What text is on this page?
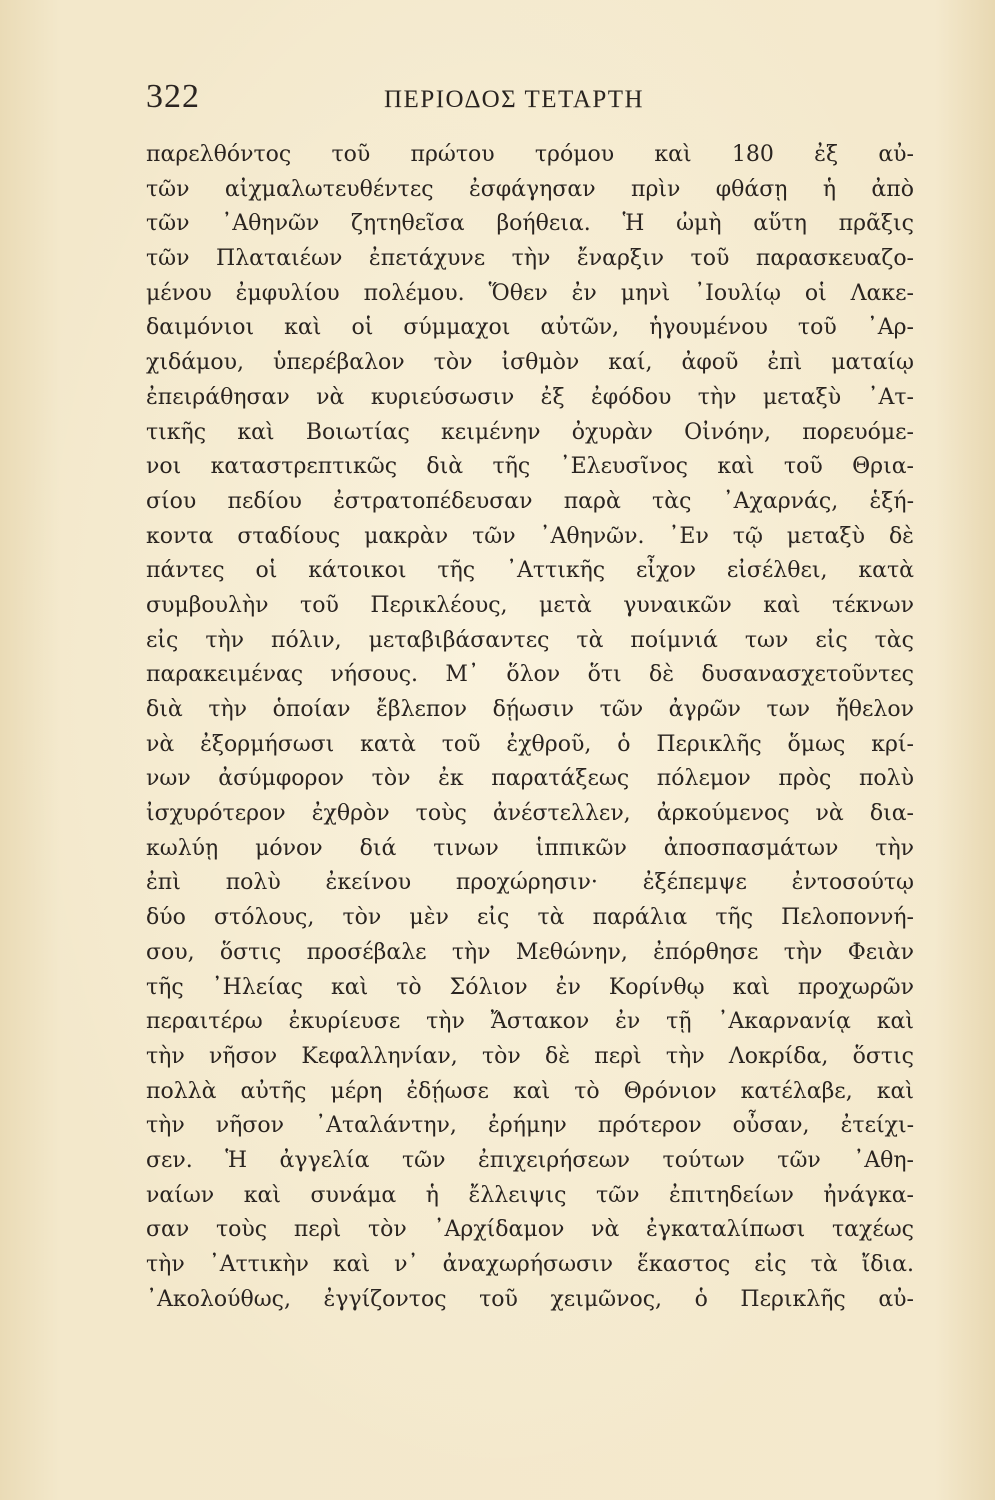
322	ΠΕΡΙΟΔΟΣ ΤΕΤΑΡΤΗ
παρελθόντος τοῦ πρώτου τρόμου καὶ 180 ἐξ αὐ-
τῶν αἰχμαλωτευθέντες ἐσφάγησαν πρὶν φθάσῃ ἡ ἀπὸ
τῶν ᾿Αθηνῶν ζητηθεῖσα βοήθεια. Ἡ ὠμὴ αὕτη πρᾶξις
τῶν Πλαταιέων ἐπετάχυνε τὴν ἔναρξιν τοῦ παρασκευαζο-
μένου ἐμφυλίου πολέμου. Ὅθεν ἐν μηνὶ ᾿Ιουλίῳ οἱ Λακε-
δαιμόνιοι καὶ οἱ σύμμαχοι αὐτῶν, ἡγουμένου τοῦ ᾿Αρ-
χιδάμου, ὑπερέβαλον τὸν ἰσθμὸν καί, ἀφοῦ ἐπὶ ματαίῳ
ἐπειράθησαν νὰ κυριεύσωσιν ἐξ ἐφόδου τὴν μεταξὺ ᾿Ατ-
τικῆς καὶ Βοιωτίας κειμένην ὀχυρὰν Οἰνόην, πορευόμε-
νοι καταστρεπτικῶς διὰ τῆς ᾿Ελευσῖνος καὶ τοῦ Θρια-
σίου πεδίου ἐστρατοπέδευσαν παρὰ τὰς ᾿Αχαρνάς, ἑξή-
κοντα σταδίους μακρὰν τῶν ᾿Αθηνῶν. ᾿Εν τῷ μεταξὺ δὲ
πάντες οἱ κάτοικοι τῆς ᾿Αττικῆς εἶχον εἰσέλθει, κατὰ
συμβουλὴν τοῦ Περικλέους, μετὰ γυναικῶν καὶ τέκνων
εἰς τὴν πόλιν, μεταβιβάσαντες τὰ ποίμνιά των εἰς τὰς
παρακειμένας νήσους. Μ᾿ ὅλον ὅτι δὲ δυσανασχετοῦντες
διὰ τὴν ὁποίαν ἔβλεπον δῄωσιν τῶν ἀγρῶν των ἤθελον
νὰ ἐξορμήσωσι κατὰ τοῦ ἐχθροῦ, ὁ Περικλῆς ὅμως κρί-
νων ἀσύμφορον τὸν ἐκ παρατάξεως πόλεμον πρὸς πολὺ
ἰσχυρότερον ἐχθρὸν τοὺς ἀνέστελλεν, ἀρκούμενος νὰ δια-
κωλύῃ μόνον διά τινων ἱππικῶν ἀποσπασμάτων τὴν
ἐπὶ πολὺ ἐκείνου προχώρησιν· ἐξέπεμψε ἐντοσούτῳ
δύο στόλους, τὸν μὲν εἰς τὰ παράλια τῆς Πελοποννή-
σου, ὅστις προσέβαλε τὴν Μεθώνην, ἐπόρθησε τὴν Φειὰν
τῆς ᾿Ηλείας καὶ τὸ Σόλιον ἐν Κορίνθῳ καὶ προχωρῶν
περαιτέρω ἐκυρίευσε τὴν Ἄστακον ἐν τῇ ᾿Ακαρνανίᾳ καὶ
τὴν νῆσον Κεφαλληνίαν, τὸν δὲ περὶ τὴν Λοκρίδα, ὅστις
πολλὰ αὐτῆς μέρη ἐδῄωσε καὶ τὸ Θρόνιον κατέλαβε, καὶ
τὴν νῆσον ᾿Αταλάντην, ἐρήμην πρότερον οὖσαν, ἐτείχι-
σεν. Ἡ ἀγγελία τῶν ἐπιχειρήσεων τούτων τῶν ᾿Αθη-
ναίων καὶ συνάμα ἡ ἔλλειψις τῶν ἐπιτηδείων ἠνάγκα-
σαν τοὺς περὶ τὸν ᾿Αρχίδαμον νὰ ἐγκαταλίπωσι ταχέως
τὴν ᾿Αττικὴν καὶ ν᾿ ἀναχωρήσωσιν ἕκαστος εἰς τὰ ἴδια.
᾿Ακολούθως, ἐγγίζοντος τοῦ χειμῶνος, ὁ Περικλῆς αὐ-
